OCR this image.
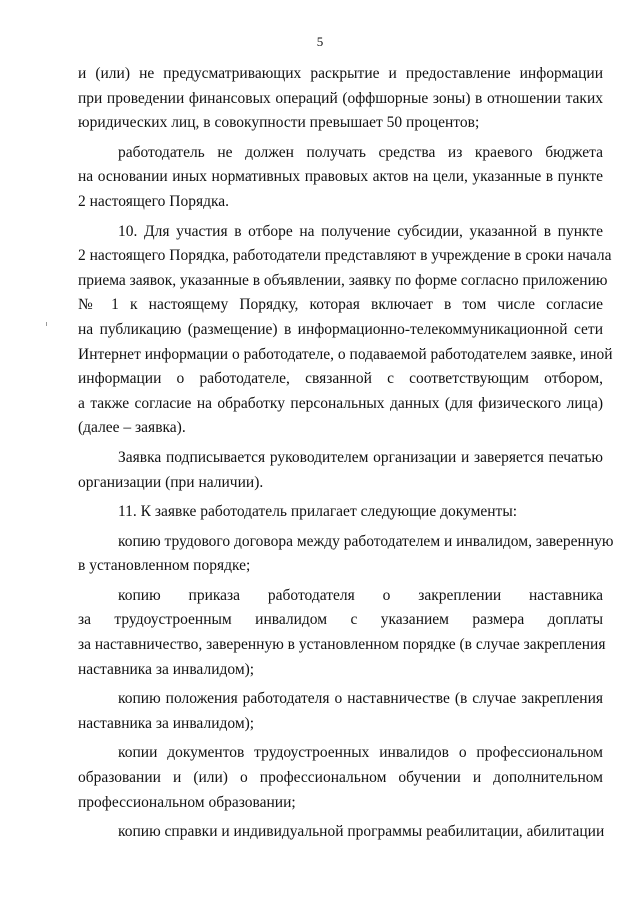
5
и (или) не предусматривающих раскрытие и предоставление информации
при проведении финансовых операций (оффшорные зоны) в отношении таких
юридических лиц, в совокупности превышает 50 процентов;
работодатель не должен получать средства из краевого бюджета
на основании иных нормативных правовых актов на цели, указанные в пункте
2 настоящего Порядка.
10. Для участия в отборе на получение субсидии, указанной в пункте
2 настоящего Порядка, работодатели представляют в учреждение в сроки начала
приема заявок, указанные в объявлении, заявку по форме согласно приложению
№ 1 к настоящему Порядку, которая включает в том числе согласие
на публикацию (размещение) в информационно-телекоммуникационной сети
Интернет информации о работодателе, о подаваемой работодателем заявке, иной
информации о работодателе, связанной с соответствующим отбором,
а также согласие на обработку персональных данных (для физического лица)
(далее – заявка).
Заявка подписывается руководителем организации и заверяется печатью
организации (при наличии).
11. К заявке работодатель прилагает следующие документы:
копию трудового договора между работодателем и инвалидом, заверенную
в установленном порядке;
копию приказа работодателя о закреплении наставника
за трудоустроенным инвалидом с указанием размера доплаты
за наставничество, заверенную в установленном порядке (в случае закрепления
наставника за инвалидом);
копию положения работодателя о наставничестве (в случае закрепления
наставника за инвалидом);
копии документов трудоустроенных инвалидов о профессиональном
образовании и (или) о профессиональном обучении и дополнительном
профессиональном образовании;
копию справки и индивидуальной программы реабилитации, абилитации
